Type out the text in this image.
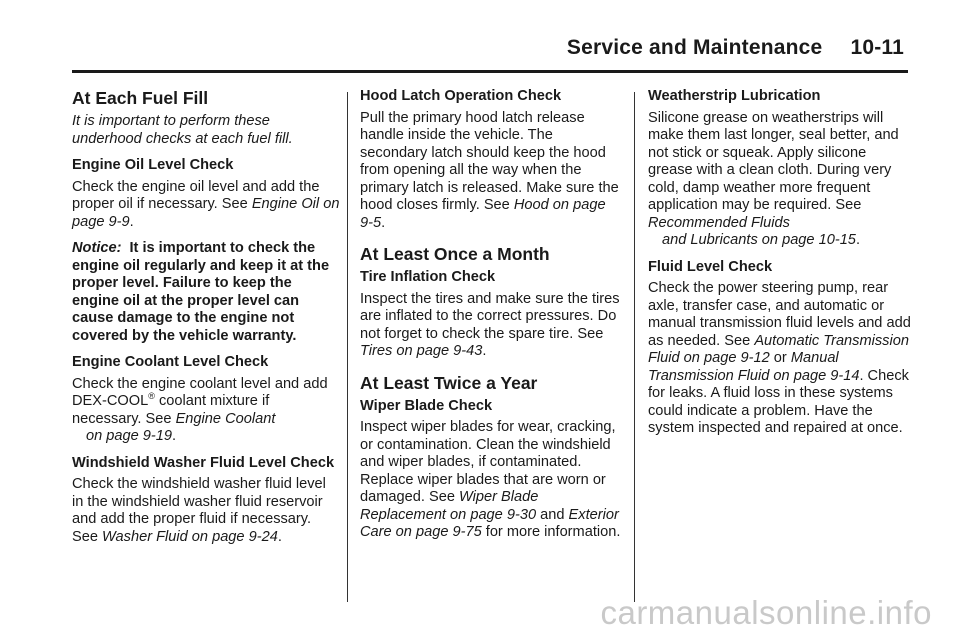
Service and Maintenance 10-11
At Each Fuel Fill

It is important to perform these underhood checks at each fuel fill.

Engine Oil Level Check

Check the engine oil level and add the proper oil if necessary. See Engine Oil on page 9-9.

Notice: It is important to check the engine oil regularly and keep it at the proper level. Failure to keep the engine oil at the proper level can cause damage to the engine not covered by the vehicle warranty.

Engine Coolant Level Check

Check the engine coolant level and add DEX-COOL® coolant mixture if necessary. See Engine Coolant
on page 9-19.

Windshield Washer Fluid Level Check

Check the windshield washer fluid level in the windshield washer fluid reservoir and add the proper fluid if necessary. See Washer Fluid on page 9-24.

Hood Latch Operation Check

Pull the primary hood latch release handle inside the vehicle. The secondary latch should keep the hood from opening all the way when the primary latch is released. Make sure the hood closes firmly. See Hood on page 9-5.

At Least Once a Month
Tire Inflation Check

Inspect the tires and make sure the tires are inflated to the correct pressures. Do not forget to check the spare tire. See Tires on page 9-43.

At Least Twice a Year
Wiper Blade Check

Inspect wiper blades for wear, cracking, or contamination. Clean the windshield and wiper blades, if contaminated. Replace wiper blades that are worn or damaged. See Wiper Blade Replacement on page 9-30 and Exterior Care on page 9-75 for more information.

Weatherstrip Lubrication

Silicone grease on weatherstrips will make them last longer, seal better, and not stick or squeak. Apply silicone grease with a clean cloth. During very cold, damp weather more frequent application may be required. See Recommended Fluids
and Lubricants on page 10-15.

Fluid Level Check

Check the power steering pump, rear axle, transfer case, and automatic or manual transmission fluid levels and add as needed. See Automatic Transmission Fluid on page 9-12 or Manual Transmission Fluid on page 9-14. Check for leaks. A fluid loss in these systems could indicate a problem. Have the system inspected and repaired at once.

carmanualsonline.info
